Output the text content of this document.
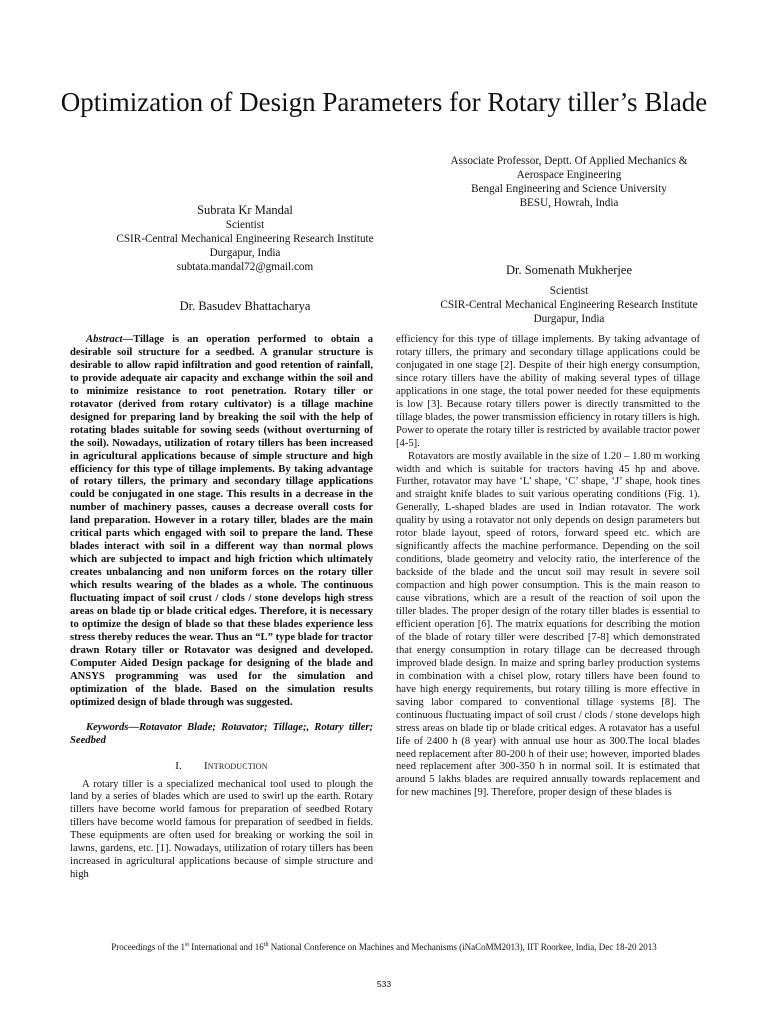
Optimization of Design Parameters for Rotary tiller’s Blade
Subrata Kr Mandal
Scientist
CSIR-Central Mechanical Engineering Research Institute
Durgapur, India
subtata.mandal72@gmail.com
Dr. Basudev Bhattacharya
Associate Professor, Deptt. Of Applied Mechanics &
Aerospace Engineering
Bengal Engineering and Science University
BESU, Howrah, India
Dr. Somenath Mukherjee
Scientist
CSIR-Central Mechanical Engineering Research Institute
Durgapur, India

Abstract—Tillage is an operation performed to obtain a desirable soil structure for a seedbed. A granular structure is desirable to allow rapid infiltration and good retention of rainfall, to provide adequate air capacity and exchange within the soil and to minimize resistance to root penetration. Rotary tiller or rotavator (derived from rotary cultivator) is a tillage machine designed for preparing land by breaking the soil with the help of rotating blades suitable for sowing seeds (without overturning of the soil). Nowadays, utilization of rotary tillers has been increased in agricultural applications because of simple structure and high efficiency for this type of tillage implements. By taking advantage of rotary tillers, the primary and secondary tillage applications could be conjugated in one stage. This results in a decrease in the number of machinery passes, causes a decrease overall costs for land preparation. However in a rotary tiller, blades are the main critical parts which engaged with soil to prepare the land. These blades interact with soil in a different way than normal plows which are subjected to impact and high friction which ultimately creates unbalancing and non uniform forces on the rotary tiller which results wearing of the blades as a whole. The continuous fluctuating impact of soil crust / clods / stone develops high stress areas on blade tip or blade critical edges. Therefore, it is necessary to optimize the design of blade so that these blades experience less stress thereby reduces the wear. Thus an “L” type blade for tractor drawn Rotary tiller or Rotavator was designed and developed. Computer Aided Design package for designing of the blade and ANSYS programming was used for the simulation and optimization of the blade. Based on the simulation results optimized design of blade through was suggested.

Keywords—Rotavator Blade; Rotavator; Tillage;, Rotary tiller; Seedbed

I. Introduction

A rotary tiller is a specialized mechanical tool used to plough the land by a series of blades which are used to swirl up the earth. Rotary tillers have become world famous for preparation of seedbed Rotary tillers have become world famous for preparation of seedbed in fields. These equipments are often used for breaking or working the soil in lawns, gardens, etc. [1]. Nowadays, utilization of rotary tillers has been increased in agricultural applications because of simple structure and high

efficiency for this type of tillage implements. By taking advantage of rotary tillers, the primary and secondary tillage applications could be conjugated in one stage [2]. Despite of their high energy consumption, since rotary tillers have the ability of making several types of tillage applications in one stage, the total power needed for these equipments is low [3]. Because rotary tillers power is directly transmitted to the tillage blades, the power transmission efficiency in rotary tillers is high. Power to operate the rotary tiller is restricted by available tractor power [4-5].

Rotavators are mostly available in the size of 1.20 – 1.80 m working width and which is suitable for tractors having 45 hp and above. Further, rotavator may have ‘L’ shape, ‘C’ shape, ‘J’ shape, hook tines and straight knife blades to suit various operating conditions (Fig. 1). Generally, L-shaped blades are used in Indian rotavator. The work quality by using a rotavator not only depends on design parameters but rotor blade layout, speed of rotors, forward speed etc. which are significantly affects the machine performance. Depending on the soil conditions, blade geometry and velocity ratio, the interference of the backside of the blade and the uncut soil may result in severe soil compaction and high power consumption. This is the main reason to cause vibrations, which are a result of the reaction of soil upon the tiller blades. The proper design of the rotary tiller blades is essential to efficient operation [6]. The matrix equations for describing the motion of the blade of rotary tiller were described [7-8] which demonstrated that energy consumption in rotary tillage can be decreased through improved blade design. In maize and spring barley production systems in combination with a chisel plow, rotary tillers have been found to have high energy requirements, but rotary tilling is more effective in saving labor compared to conventional tillage systems [8]. The continuous fluctuating impact of soil crust / clods / stone develops high stress areas on blade tip or blade critical edges. A rotavator has a useful life of 2400 h (8 year) with annual use hour as 300.The local blades need replacement after 80-200 h of their use; however, imported blades need replacement after 300-350 h in normal soil. It is estimated that around 5 lakhs blades are required annually towards replacement and for new machines [9]. Therefore, proper design of these blades is

Proceedings of the 1st International and 16th National Conference on Machines and Mechanisms (iNaCoMM2013), IIT Roorkee, India, Dec 18-20 2013
533
